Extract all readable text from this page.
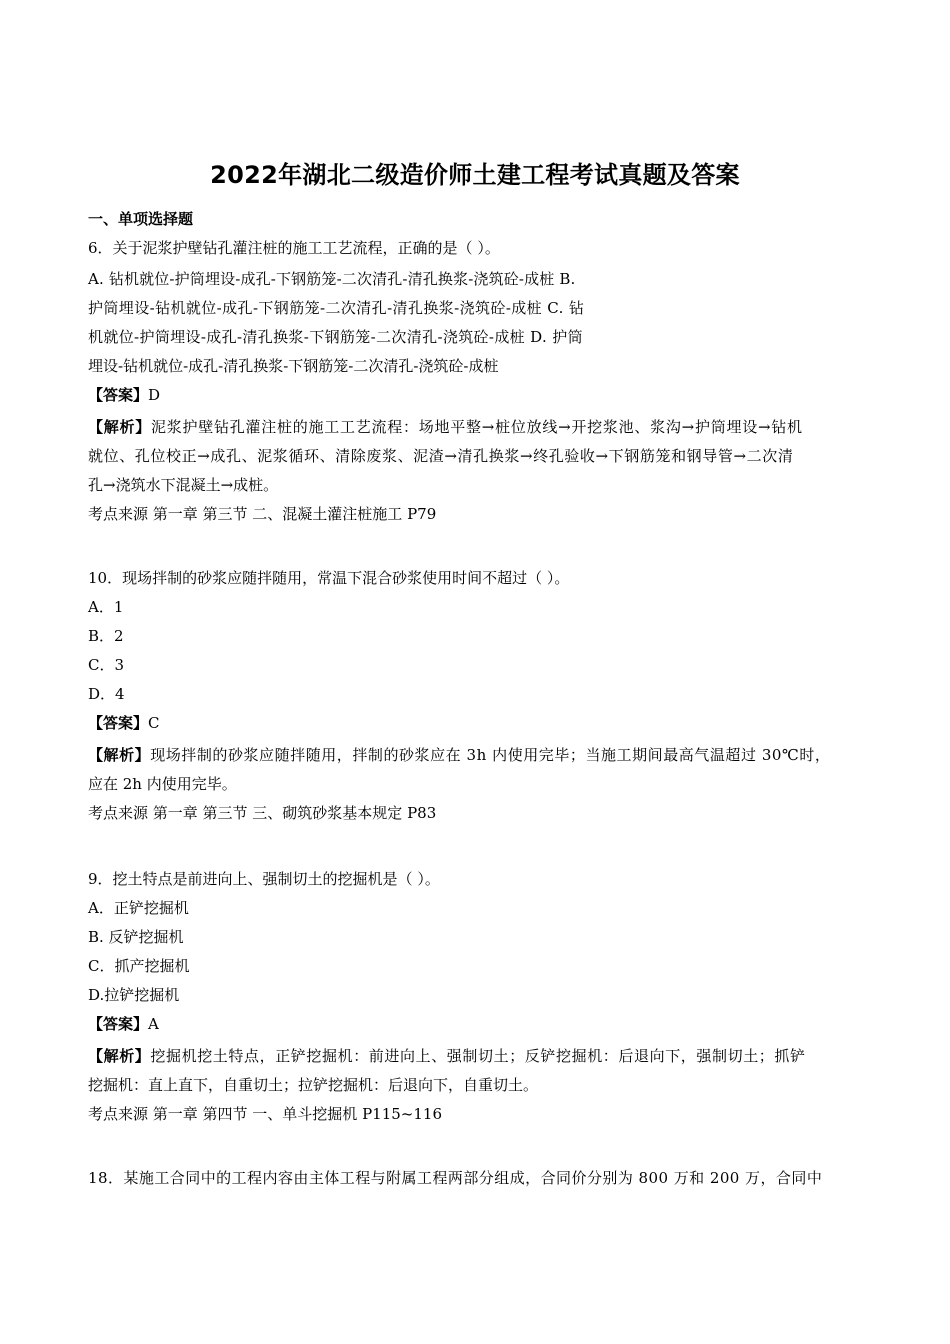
2022年湖北二级造价师土建工程考试真题及答案
一、单项选择题
6．关于泥浆护壁钻孔灌注桩的施工工艺流程，正确的是（ ）。
A. 钻机就位-护筒埋设-成孔-下钢筋笼-二次清孔-清孔换浆-浇筑砼-成桩 B.
护筒埋设-钻机就位-成孔-下钢筋笼-二次清孔-清孔换浆-浇筑砼-成桩 C. 钻
机就位-护筒埋设-成孔-清孔换浆-下钢筋笼-二次清孔-浇筑砼-成桩 D. 护筒
埋设-钻机就位-成孔-清孔换浆-下钢筋笼-二次清孔-浇筑砼-成桩
【答案】D
【解析】泥浆护壁钻孔灌注桩的施工工艺流程：场地平整→桩位放线→开挖浆池、浆沟→护筒埋设→钻机
就位、孔位校正→成孔、泥浆循环、清除废浆、泥渣→清孔换浆→终孔验收→下钢筋笼和钢导管→二次清
孔→浇筑水下混凝土→成桩。
考点来源 第一章 第三节 二、混凝土灌注桩施工 P79
10．现场拌制的砂浆应随拌随用，常温下混合砂浆使用时间不超过（ ）。
A．1
B．2
C．3
D．4
【答案】C
【解析】现场拌制的砂浆应随拌随用，拌制的砂浆应在 3h 内使用完毕；当施工期间最高气温超过 30℃时，
应在 2h 内使用完毕。
考点来源 第一章 第三节 三、砌筑砂浆基本规定 P83
9．挖土特点是前进向上、强制切土的挖掘机是（ ）。
A．正铲挖掘机
B. 反铲挖掘机
C．抓产挖掘机
D.拉铲挖掘机
【答案】A
【解析】挖掘机挖土特点，正铲挖掘机：前进向上、强制切土；反铲挖掘机：后退向下，强制切土；抓铲
挖掘机：直上直下，自重切土；拉铲挖掘机：后退向下，自重切土。
考点来源 第一章 第四节 一、单斗挖掘机 P115~116
18．某施工合同中的工程内容由主体工程与附属工程两部分组成，合同价分别为 800 万和 200 万，合同中
